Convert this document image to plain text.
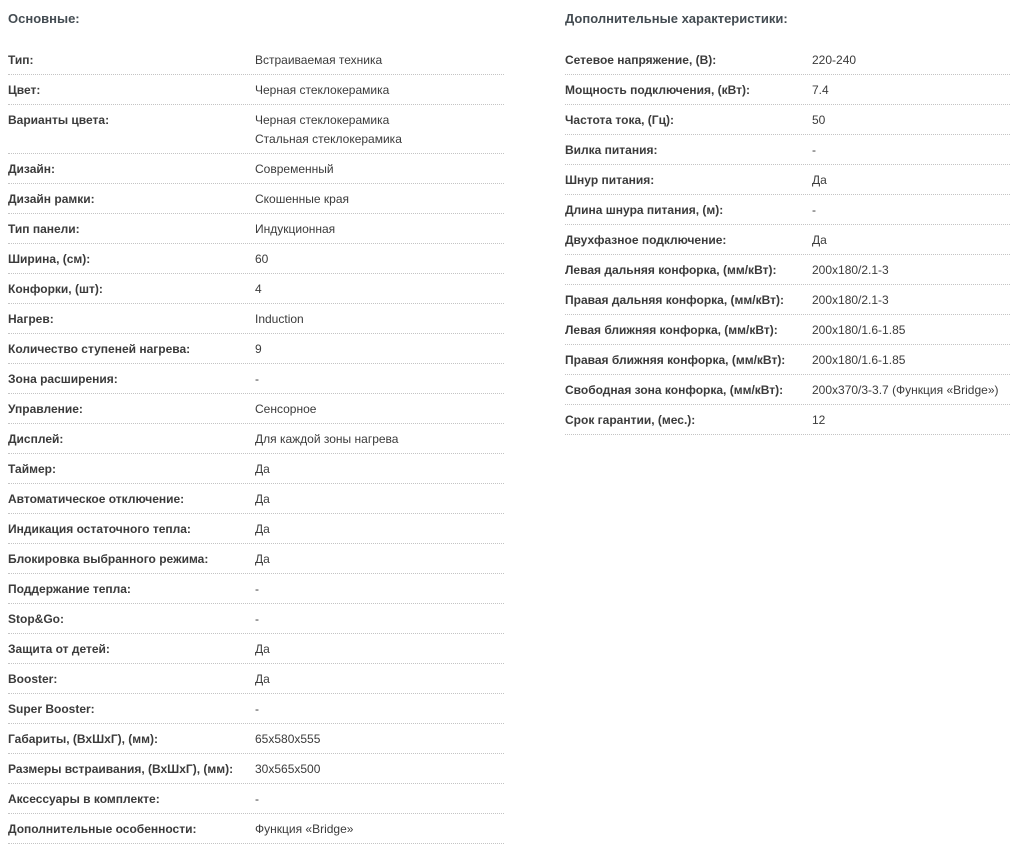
Основные:
Тип:	Встраиваемая техника
Цвет:	Черная стеклокерамика
Варианты цвета:	Черная стеклокерамика
Стальная стеклокерамика
Дизайн:	Современный
Дизайн рамки:	Скошенные края
Тип панели:	Индукционная
Ширина, (см):	60
Конфорки, (шт):	4
Нагрев:	Induction
Количество ступеней нагрева:	9
Зона расширения:	-
Управление:	Сенсорное
Дисплей:	Для каждой зоны нагрева
Таймер:	Да
Автоматическое отключение:	Да
Индикация остаточного тепла:	Да
Блокировка выбранного режима:	Да
Поддержание тепла:	-
Stop&Go:	-
Защита от детей:	Да
Booster:	Да
Super Booster:	-
Габариты, (ВхШхГ), (мм):	65x580x555
Размеры встраивания, (ВхШхГ), (мм):	30x565x500
Аксессуары в комплекте:	-
Дополнительные особенности:	Функция «Bridge»
Дополнительные характеристики:
Сетевое напряжение, (В):	220-240
Мощность подключения, (кВт):	7.4
Частота тока, (Гц):	50
Вилка питания:	-
Шнур питания:	Да
Длина шнура питания, (м):	-
Двухфазное подключение:	Да
Левая дальняя конфорка, (мм/кВт):	200x180/2.1-3
Правая дальняя конфорка, (мм/кВт):	200x180/2.1-3
Левая ближняя конфорка, (мм/кВт):	200x180/1.6-1.85
Правая ближняя конфорка, (мм/кВт):	200x180/1.6-1.85
Свободная зона конфорка, (мм/кВт):	200x370/3-3.7 (Функция «Bridge»)
Срок гарантии, (мес.):	12
